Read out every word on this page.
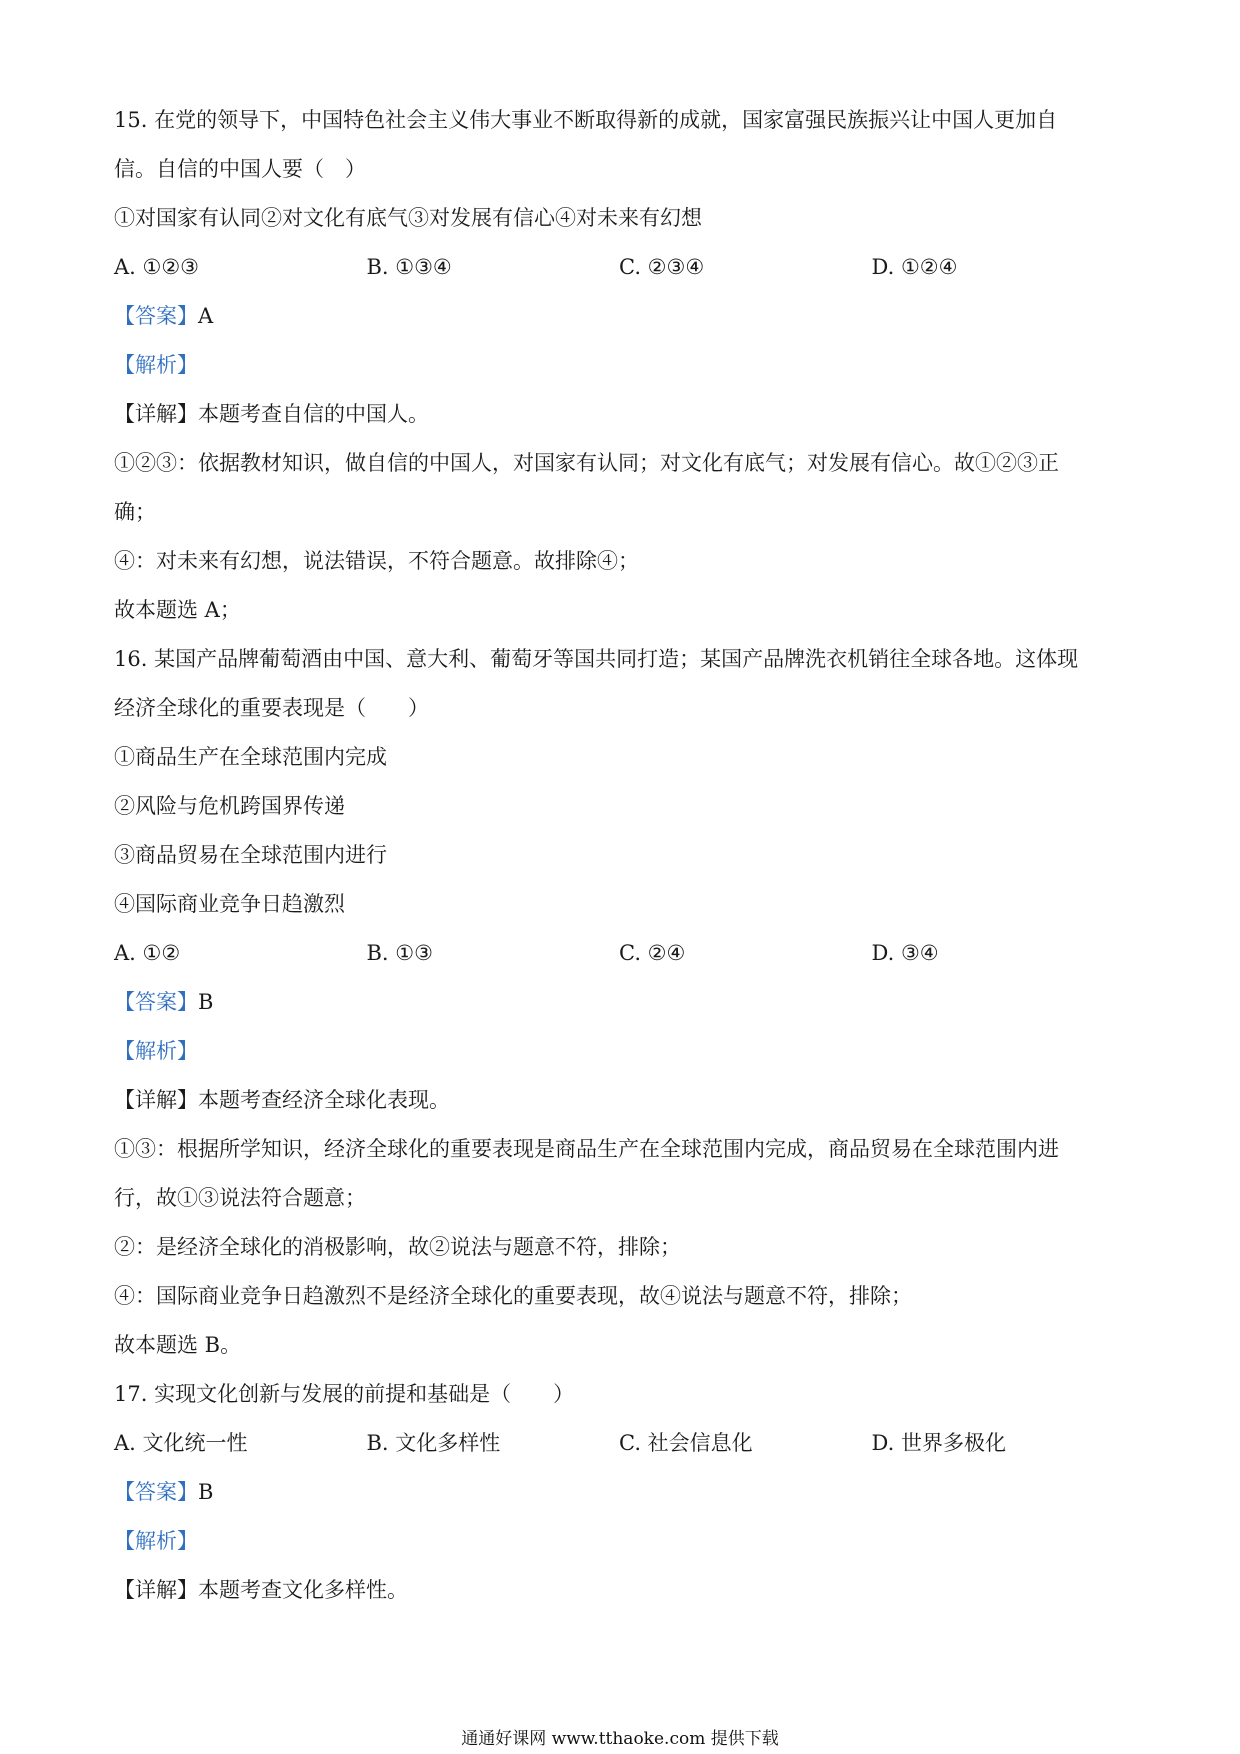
15. 在党的领导下，中国特色社会主义伟大事业不断取得新的成就，国家富强民族振兴让中国人更加自
信。自信的中国人要（　）
①对国家有认同②对文化有底气③对发展有信心④对未来有幻想
A. ①②③	B. ①③④	C. ②③④	D. ①②④
【答案】A
【解析】
【详解】本题考查自信的中国人。
①②③：依据教材知识，做自信的中国人，对国家有认同；对文化有底气；对发展有信心。故①②③正
确；
④：对未来有幻想，说法错误，不符合题意。故排除④；
故本题选 A；
16. 某国产品牌葡萄酒由中国、意大利、葡萄牙等国共同打造；某国产品牌洗衣机销往全球各地。这体现
经济全球化的重要表现是（　　）
①商品生产在全球范围内完成
②风险与危机跨国界传递
③商品贸易在全球范围内进行
④国际商业竞争日趋激烈
A. ①②	B. ①③	C. ②④	D. ③④
【答案】B
【解析】
【详解】本题考查经济全球化表现。
①③：根据所学知识，经济全球化的重要表现是商品生产在全球范围内完成，商品贸易在全球范围内进
行，故①③说法符合题意；
②：是经济全球化的消极影响，故②说法与题意不符，排除；
④：国际商业竞争日趋激烈不是经济全球化的重要表现，故④说法与题意不符，排除；
故本题选 B。
17. 实现文化创新与发展的前提和基础是（　　）
A. 文化统一性	B. 文化多样性	C. 社会信息化	D. 世界多极化
【答案】B
【解析】
【详解】本题考查文化多样性。
通通好课网 www.tthaoke.com 提供下载
